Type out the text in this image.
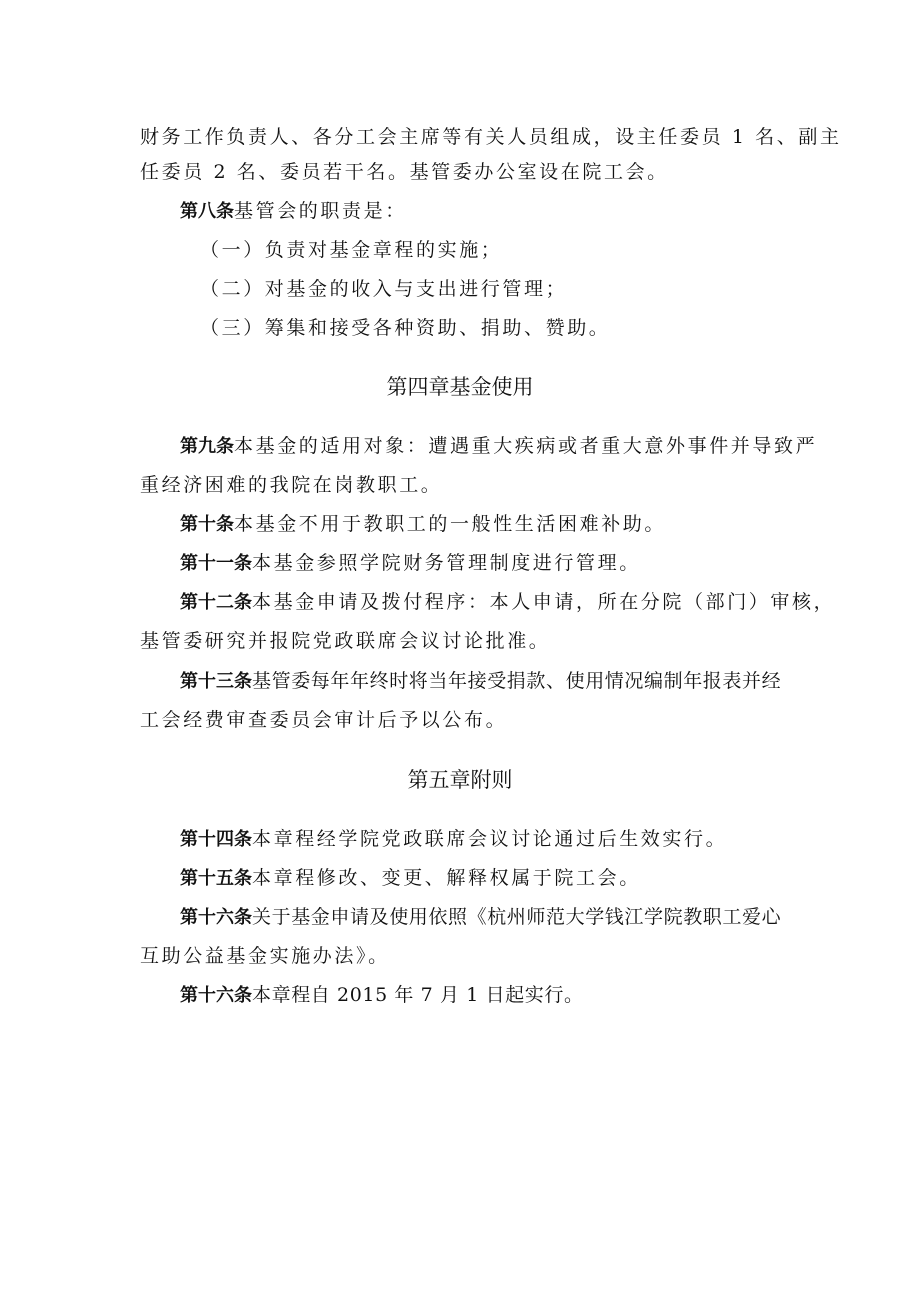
财务工作负责人、各分工会主席等有关人员组成，设主任委员 1 名、副主
任委员 2 名、委员若干名。基管委办公室设在院工会。
第八条基管会的职责是：
（一）负责对基金章程的实施；
（二）对基金的收入与支出进行管理；
（三）筹集和接受各种资助、捐助、赞助。
第四章基金使用
第九条本基金的适用对象：遭遇重大疾病或者重大意外事件并导致严
重经济困难的我院在岗教职工。
第十条本基金不用于教职工的一般性生活困难补助。
第十一条本基金参照学院财务管理制度进行管理。
第十二条本基金申请及拨付程序：本人申请，所在分院（部门）审核，
基管委研究并报院党政联席会议讨论批准。
第十三条基管委每年年终时将当年接受捐款、使用情况编制年报表并经
工会经费审查委员会审计后予以公布。
第五章附则
第十四条本章程经学院党政联席会议讨论通过后生效实行。
第十五条本章程修改、变更、解释权属于院工会。
第十六条关于基金申请及使用依照《杭州师范大学钱江学院教职工爱心
互助公益基金实施办法》。
第十六条本章程自 2015 年 7 月 1 日起实行。
